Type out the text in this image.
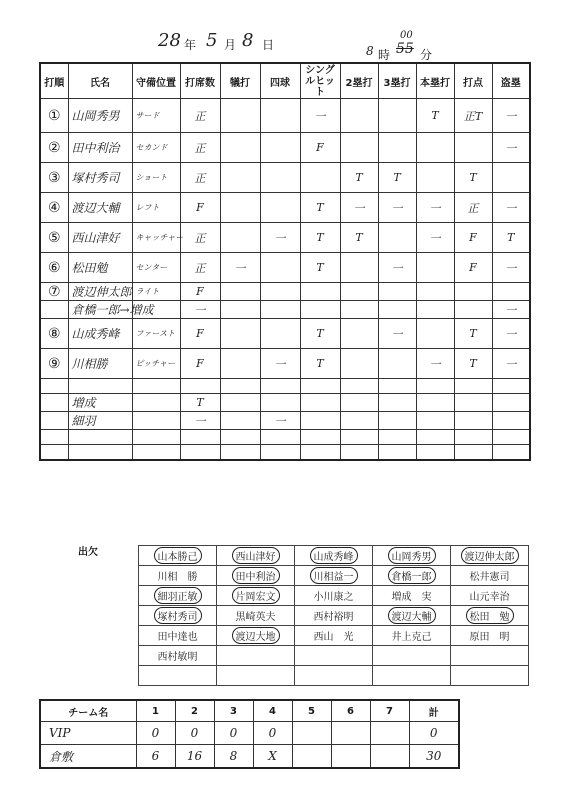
28 年 5 月 8 日	8 時
00
55 分
打順	氏名	守備位置	打席数	犠打	四球	シングルヒット	2塁打	3塁打	本塁打	打点	盗塁
①	山岡秀男	サード	正			一			T	正T	一
②	田中利治	セカンド	正			F					一
③	塚村秀司	ショート	正				T	T		T	
④	渡辺大輔	レフト	F			T	一	一	一	正	一
⑤	西山津好	キャッチャー	正		一	T	T		一	F	T
⑥	松田勉	センター	正	一		T		一		F	一
⑦	渡辺伸太郎	ライト	F								
	倉橋一郎→増成		一								一
⑧	山成秀峰	ファースト	F			T		一		T	一
⑨	川相勝	ピッチャー	F		一	T			一	T	一

	増成		T								
	細羽		一		一						

出欠	山本勝己	西山津好	山成秀峰	山岡秀男	渡辺伸太郎
川相　勝	田中利治	川相益一	倉橋一郎	松井憲司
細羽正敏	片岡宏文	小川康之	増成　実	山元幸治
塚村秀司	黒崎英夫	西村裕明	渡辺大輔	松田　勉
田中達也	渡辺大地	西山　光	井上克己	原田　明
西村敏明				

チーム名	1	2	3	4	5	6	7	計
VIP	0	0	0	0				0
倉敷	6	16	8	X				30
